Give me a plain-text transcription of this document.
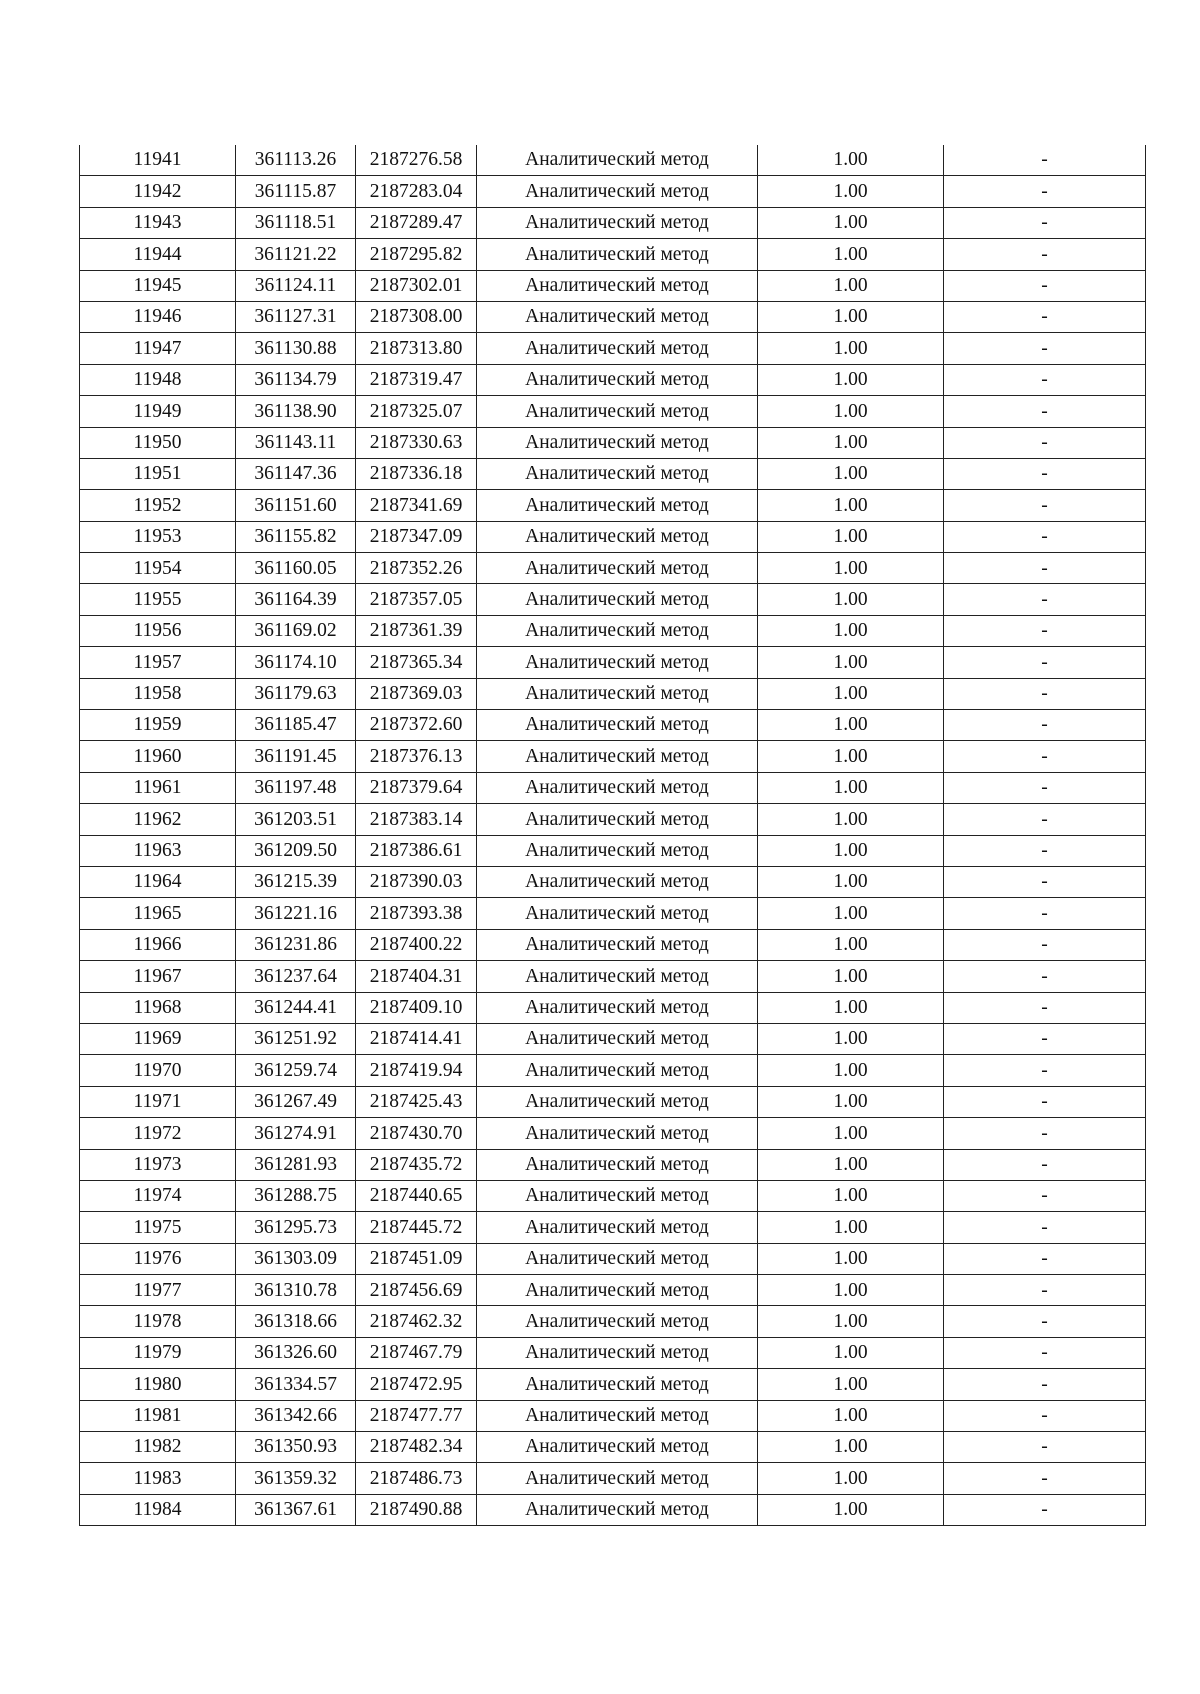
11941	361113.26	2187276.58	Аналитический метод	1.00	-
11942	361115.87	2187283.04	Аналитический метод	1.00	-
11943	361118.51	2187289.47	Аналитический метод	1.00	-
11944	361121.22	2187295.82	Аналитический метод	1.00	-
11945	361124.11	2187302.01	Аналитический метод	1.00	-
11946	361127.31	2187308.00	Аналитический метод	1.00	-
11947	361130.88	2187313.80	Аналитический метод	1.00	-
11948	361134.79	2187319.47	Аналитический метод	1.00	-
11949	361138.90	2187325.07	Аналитический метод	1.00	-
11950	361143.11	2187330.63	Аналитический метод	1.00	-
11951	361147.36	2187336.18	Аналитический метод	1.00	-
11952	361151.60	2187341.69	Аналитический метод	1.00	-
11953	361155.82	2187347.09	Аналитический метод	1.00	-
11954	361160.05	2187352.26	Аналитический метод	1.00	-
11955	361164.39	2187357.05	Аналитический метод	1.00	-
11956	361169.02	2187361.39	Аналитический метод	1.00	-
11957	361174.10	2187365.34	Аналитический метод	1.00	-
11958	361179.63	2187369.03	Аналитический метод	1.00	-
11959	361185.47	2187372.60	Аналитический метод	1.00	-
11960	361191.45	2187376.13	Аналитический метод	1.00	-
11961	361197.48	2187379.64	Аналитический метод	1.00	-
11962	361203.51	2187383.14	Аналитический метод	1.00	-
11963	361209.50	2187386.61	Аналитический метод	1.00	-
11964	361215.39	2187390.03	Аналитический метод	1.00	-
11965	361221.16	2187393.38	Аналитический метод	1.00	-
11966	361231.86	2187400.22	Аналитический метод	1.00	-
11967	361237.64	2187404.31	Аналитический метод	1.00	-
11968	361244.41	2187409.10	Аналитический метод	1.00	-
11969	361251.92	2187414.41	Аналитический метод	1.00	-
11970	361259.74	2187419.94	Аналитический метод	1.00	-
11971	361267.49	2187425.43	Аналитический метод	1.00	-
11972	361274.91	2187430.70	Аналитический метод	1.00	-
11973	361281.93	2187435.72	Аналитический метод	1.00	-
11974	361288.75	2187440.65	Аналитический метод	1.00	-
11975	361295.73	2187445.72	Аналитический метод	1.00	-
11976	361303.09	2187451.09	Аналитический метод	1.00	-
11977	361310.78	2187456.69	Аналитический метод	1.00	-
11978	361318.66	2187462.32	Аналитический метод	1.00	-
11979	361326.60	2187467.79	Аналитический метод	1.00	-
11980	361334.57	2187472.95	Аналитический метод	1.00	-
11981	361342.66	2187477.77	Аналитический метод	1.00	-
11982	361350.93	2187482.34	Аналитический метод	1.00	-
11983	361359.32	2187486.73	Аналитический метод	1.00	-
11984	361367.61	2187490.88	Аналитический метод	1.00	-
